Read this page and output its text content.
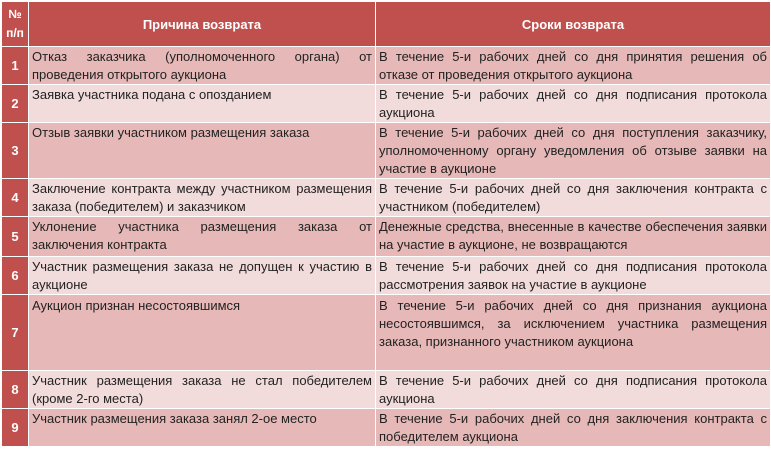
№
п/п	Причина возврата	Сроки возврата
1	Отказ заказчика (уполномоченного органа) от проведения открытого аукциона	В течение 5-и рабочих дней со дня принятия решения об отказе от проведения открытого аукциона
2	Заявка участника подана с опозданием	В течение 5-и рабочих дней со дня подписания протокола аукциона
3	Отзыв заявки участником размещения заказа	В течение 5-и рабочих дней со дня поступления заказчику, уполномоченному органу уведомления об отзыве заявки на участие в аукционе
4	Заключение контракта между участником размещения заказа (победителем) и заказчиком	В течение 5-и рабочих дней со дня заключения контракта с участником (победителем)
5	Уклонение участника размещения заказа от заключения контракта	Денежные средства, внесенные в качестве обеспечения заявки на участие в аукционе, не возвращаются
6	Участник размещения заказа не допущен к участию в аукционе	В течение 5-и рабочих дней со дня подписания протокола рассмотрения заявок на участие в аукционе
7	Аукцион признан несостоявшимся	В течение 5-и рабочих дней со дня признания аукциона несостоявшимся, за исключением участника размещения заказа, признанного участником аукциона
8	Участник размещения заказа не стал победителем (кроме 2-го места)	В течение 5-и рабочих дней со дня подписания протокола аукциона
9	Участник размещения заказа занял 2-ое место	В течение 5-и рабочих дней со дня заключения контракта с победителем аукциона
